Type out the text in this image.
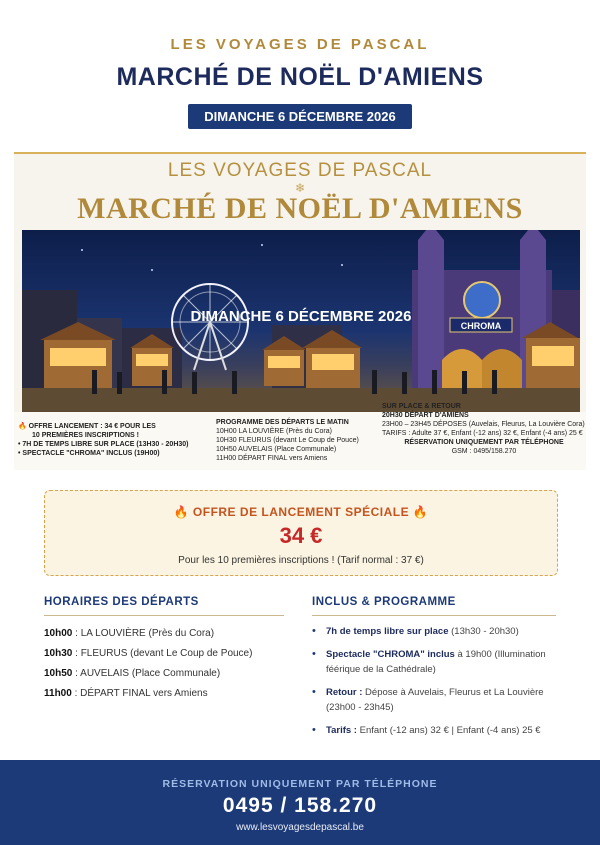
LES VOYAGES DE PASCAL
MARCHÉ DE NOËL D'AMIENS
DIMANCHE 6 DÉCEMBRE 2026
LES VOYAGES DE PASCAL
❄
MARCHÉ DE NOËL D'AMIENS
CHROMA
DIMANCHE 6 DÉCEMBRE 2026
🔥 OFFRE LANCEMENT : 34 € POUR LES
10 PREMIÈRES INSCRIPTIONS !
• 7H DE TEMPS LIBRE SUR PLACE (13H30 - 20H30)
• SPECTACLE "CHROMA" INCLUS (19H00)
PROGRAMME DES DÉPARTS LE MATIN
10H00 LA LOUVIÈRE (Près du Cora)
10H30 FLEURUS (devant Le Coup de Pouce)
10H50 AUVELAIS (Place Communale)
11H00 DÉPART FINAL vers Amiens
SUR PLACE & RETOUR
20H30 DÉPART D'AMIENS
23H00 – 23H45 DÉPOSES (Auvelais, Fleurus, La Louvière Cora)
TARIFS : Adulte 37 €, Enfant (-12 ans) 32 €, Enfant (-4 ans) 25 €
RÉSERVATION UNIQUEMENT PAR TÉLÉPHONE
GSM : 0495/158.270
🔥 OFFRE DE LANCEMENT SPÉCIALE 🔥
34 €
Pour les 10 premières inscriptions ! (Tarif normal : 37 €)
HORAIRES DES DÉPARTS
10h00 : LA LOUVIÈRE (Près du Cora)
10h30 : FLEURUS (devant Le Coup de Pouce)
10h50 : AUVELAIS (Place Communale)
11h00 : DÉPART FINAL vers Amiens
INCLUS & PROGRAMME
• 7h de temps libre sur place (13h30 - 20h30)
• Spectacle "CHROMA" inclus à 19h00 (Illumination féérique de la Cathédrale)
• Retour : Dépose à Auvelais, Fleurus et La Louvière (23h00 - 23h45)
• Tarifs : Enfant (-12 ans) 32 € | Enfant (-4 ans) 25 €
RÉSERVATION UNIQUEMENT PAR TÉLÉPHONE
0495 / 158.270
www.lesvoyagesdepascal.be
